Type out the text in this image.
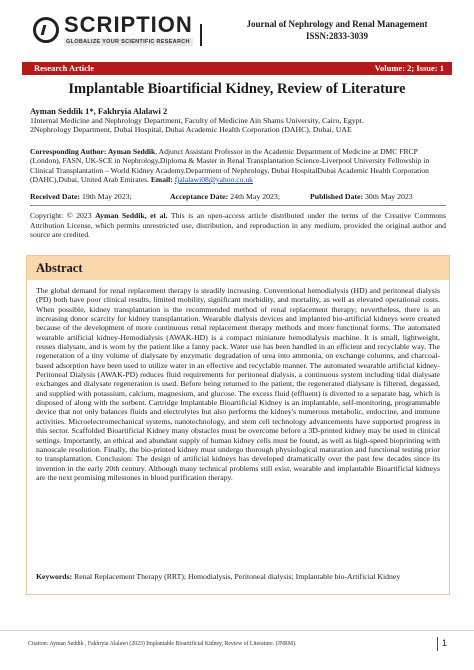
SCRIPTION
GLOBALIZE YOUR SCIENTIFIC RESEARCH
Journal of Nephrology and Renal Management
ISSN:2833-3039
Research Article	Volume: 2; Issue: 1
Implantable Bioartificial Kidney, Review of Literature
Ayman Seddik 1*, Fakhryia Alalawi 2
1Internal Medicine and Nephrology Department, Faculty of Medicine Ain Shams University, Cairo, Egypt.
2Nephrology Department, Dubai Hospital, Dubai Academic Health Corporation (DAHC), Dubai, UAE
Corresponding Author: Ayman Seddik, Adjunct Assistant Professor in the Academic Department of Medicine at DMC FRCP (London), FASN, UK-SCE in Nephrology,Diploma & Master in Renal Transplantation Science-Liverpool University Fellowship in Clinical Transplantation – World Kidney Academy.Department of Nephrology, Dubai HospitalDubai Academic Health Corporation (DAHC),Dubai, United Arab Emirates. Email: fjalalawi08@yahoo.co.uk
Received Date: 19th May 2023;	Acceptance Date: 24th May 2023;	Published Date: 30th May 2023
Copyright: © 2023 Ayman Seddik, et al. This is an open-access article distributed under the terms of the Creative Commons Attribution License, which permits unrestricted use, distribution, and reproduction in any medium, provided the original author and source are credited.
Abstract
The global demand for renal replacement therapy is steadily increasing. Conventional hemodialysis (HD) and peritoneal dialysis (PD) both have poor clinical results, limited mobility, significant morbidity, and mortality, as well as elevated operational costs. When possible, kidney transplantation is the recommended method of renal replacement therapy; nevertheless, there is an increasing donor scarcity for kidney transplantation. Wearable dialysis devices and implanted bio-artificial kidneys were created because of the development of more continuous renal replacement therapy methods and more functional forms. The automated wearable artificial kidney-Hemodialysis (AWAK-HD) is a compact miniature hemodialysis machine. It is small, lightweight, reuses dialysate, and is worn by the patient like a fanny pack. Water use has been handled in an efficient and recyclable way. The regeneration of a tiny volume of dialysate by enzymatic degradation of urea into ammonia, on exchange columns, and charcoal-based adsorption have been used to utilize water in an effective and recyclable manner. The automated wearable artificial kidney- Peritoneal Dialysis (AWAK-PD) reduces fluid requirements for peritoneal dialysis, a continuous system including tidal dialysate exchanges and dialysate regeneration is used. Before being returned to the patient, the regenerated dialysate is filtered, degassed, and supplied with potassium, calcium, magnesium, and glucose. The excess fluid (effluent) is diverted to a separate bag, which is disposed of along with the sorbent. Cartridge Implantable Bioartificial Kidney is an implantable, self-monitoring, programmable device that not only balances fluids and electrolytes but also performs the kidney's numerous metabolic, endocrine, and immune activities. Microelectromechanical systems, nanotechnology, and stem cell technology advancements have supported progress in this sector. Scaffolded Bioartificial Kidney many obstacles must be overcome before a 3D-printed kidney may be used in clinical settings. Importantly, an ethical and abundant supply of human kidney cells must be found, as well as high-speed bioprinting with nanoscale resolution. Finally, the bio-printed kidney must undergo thorough physiological maturation and functional testing prior to transplantation. Conclusion: The design of artificial kidneys has developed dramatically over the past few decades since its invention in the early 20th century. Although many technical problems still exist, wearable and implantable Bioartificial kidneys are the next promising milestones in blood purification therapy.
Keywords: Renal Replacement Therapy (RRT); Hemodialysis, Peritoneal dialysis; Implantable bio-Artificial Kidney
Citation: Ayman Seddik , Fakhryia Alalawi (2023) Implantable Bioartificial Kidney, Review of Literature. (JNRM).	1
